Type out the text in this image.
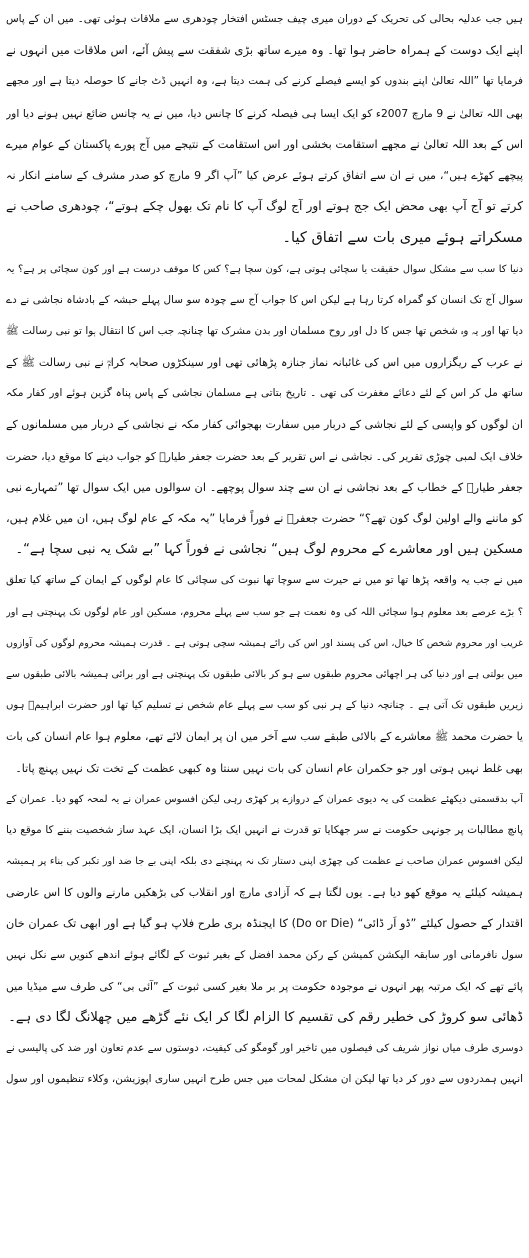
ہیں جب عدلیہ بحالی کی تحریک کے دوران میری چیف جسٹس افتخار چودھری سے ملاقات ہوئی تھی۔ میں ان کے پاس
اپنے ایک دوست کے ہمراہ حاضر ہوا تھا۔ وہ میرے ساتھ بڑی شفقت سے پیش آئے، اس ملاقات میں انہوں نے
فرمایا تھا ”اللہ تعالیٰ اپنے بندوں کو ایسے فیصلے کرنے کی ہمت دیتا ہے، وہ انہیں ڈٹ جانے کا حوصلہ دیتا ہے اور مجھے
بھی اللہ تعالیٰ نے 9 مارچ 2007ء کو ایک ایسا ہی فیصلہ کرنے کا چانس دیا، میں نے یہ چانس ضائع نہیں ہونے دیا اور
اس کے بعد اللہ تعالیٰ نے مجھے استقامت بخشی اور اس استقامت کے نتیجے میں آج پورے پاکستان کے عوام میرے
پیچھے کھڑے ہیں“، میں نے ان سے اتفاق کرتے ہوئے عرض کیا ”آپ اگر 9 مارچ کو صدر مشرف کے سامنے انکار نہ
کرتے تو آج آپ بھی محض ایک جج ہوتے اور آج لوگ آپ کا نام تک بھول چکے ہوتے“، چودھری صاحب نے
مسکراتے ہوئے میری بات سے اتفاق کیا۔
دنیا کا سب سے مشکل سوال حقیقت یا سچائی ہوتی ہے، کون سچا ہے؟ کس کا موقف درست ہے اور کون سچائی پر ہے؟ یہ
سوال آج تک انسان کو گمراہ کرتا رہا ہے لیکن اس کا جواب آج سے چودہ سو سال پہلے حبشہ کے بادشاہ نجاشی نے دے
دیا تھا اور یہ وہ شخص تھا جس کا دل اور روح مسلمان اور بدن مشرک تھا چنانچہ جب اس کا انتقال ہوا تو نبی رسالت ﷺ
نے عرب کے ریگزاروں میں اس کی غائبانہ نماز جنازہ پڑھائی تھی اور سینکڑوں صحابہ کرامؓ نے نبی رسالت ﷺ کے
ساتھ مل کر اس کے لئے دعائے مغفرت کی تھی ۔ تاریخ بتاتی ہے مسلمان نجاشی کے پاس پناہ گزین ہوئے اور کفار مکہ
ان لوگوں کو واپسی کے لئے نجاشی کے دربار میں سفارت بھجوائی کفار مکہ نے نجاشی کے دربار میں مسلمانوں کے
خلاف ایک لمبی چوڑی تقریر کی۔ نجاشی نے اس تقریر کے بعد حضرت جعفر طیارؓ کو جواب دینے کا موقع دیا، حضرت
جعفر طیارؓ کے خطاب کے بعد نجاشی نے ان سے چند سوال پوچھے۔ ان سوالوں میں ایک سوال تھا ”تمہارے نبی
کو ماننے والے اولین لوگ کون تھے؟“ حضرت جعفرؓ نے فوراً فرمایا ”یہ مکہ کے عام لوگ ہیں، ان میں غلام ہیں،
مسکین ہیں اور معاشرے کے محروم لوگ ہیں“ نجاشی نے فوراً کہا ”بے شک یہ نبی سچا ہے“۔
میں نے جب یہ واقعہ پڑھا تھا تو میں نے حیرت سے سوچا تھا نبوت کی سچائی کا عام لوگوں کے ایمان کے ساتھ کیا تعلق
؟ بڑے عرصے بعد معلوم ہوا سچائی اللہ کی وہ نعمت ہے جو سب سے پہلے محروم، مسکین اور عام لوگوں تک پہنچتی ہے اور
غریب اور محروم شخص کا خیال، اس کی پسند اور اس کی رائے ہمیشہ سچی ہوتی ہے ۔ قدرت ہمیشہ محروم لوگوں کی آوازوں
میں بولتی ہے اور دنیا کی ہر اچھائی محروم طبقوں سے ہو کر بالائی طبقوں تک پہنچتی ہے اور برائی ہمیشہ بالائی طبقوں سے
زیریں طبقوں تک آتی ہے ۔ چنانچہ دنیا کے ہر نبی کو سب سے پہلے عام شخص نے تسلیم کیا تھا اور حضرت ابراہیمؑ ہوں
یا حضرت محمد ﷺ معاشرے کے بالائی طبقے سب سے آخر میں ان پر ایمان لائے تھے، معلوم ہوا عام انسان کی بات
بھی غلط نہیں ہوتی اور جو حکمران عام انسان کی بات نہیں سنتا وہ کبھی عظمت کے تخت تک نہیں پہنچ پاتا۔
آپ بدقسمتی دیکھئے عظمت کی یہ دیوی عمران کے دروازے پر کھڑی رہی لیکن افسوس عمران نے یہ لمحہ کھو دیا۔ عمران کے
پانچ مطالبات پر جونہی حکومت نے سر جھکایا تو قدرت نے انہیں ایک بڑا انسان، ایک عہد ساز شخصیت بننے کا موقع دیا
لیکن افسوس عمران صاحب نے عظمت کی چھڑی اپنی دستار تک نہ پہنچنے دی بلکہ اپنی بے جا ضد اور تکبر کی بناء پر ہمیشہ
ہمیشہ کیلئے یہ موقع کھو دیا ہے۔ یوں لگتا ہے کہ آزادی مارچ اور انقلاب کی بڑھکیں مارنے والوں کا اس عارضی
اقتدار کے حصول کیلئے ”ڈو اَر ڈائی“ (Do or Die) کا ایجنڈہ بری طرح فلاپ ہو گیا ہے اور ابھی تک عمران خان
سول نافرمانی اور سابقہ الیکشن کمیشن کے رکن محمد افضل کے بغیر ثبوت کے لگائے ہوئے اندھے کنویں سے نکل نہیں
پائے تھے کہ ایک مرتبہ پھر انہوں نے موجودہ حکومت پر بر ملا بغیر کسی ثبوت کے ”آئی بی“ کی طرف سے میڈیا میں
ڈھائی سو کروڑ کی خطیر رقم کی تقسیم کا الزام لگا کر ایک نئے گڑھے میں چھلانگ لگا دی ہے۔
دوسری طرف میاں نواز شریف کی فیصلوں میں تاخیر اور گومگو کی کیفیت، دوستوں سے عدم تعاون اور ضد کی پالیسی نے
انہیں ہمدردوں سے دور کر دیا تھا لیکن ان مشکل لمحات میں جس طرح انہیں ساری اپوزیشن، وکلاء تنظیموں اور سول
